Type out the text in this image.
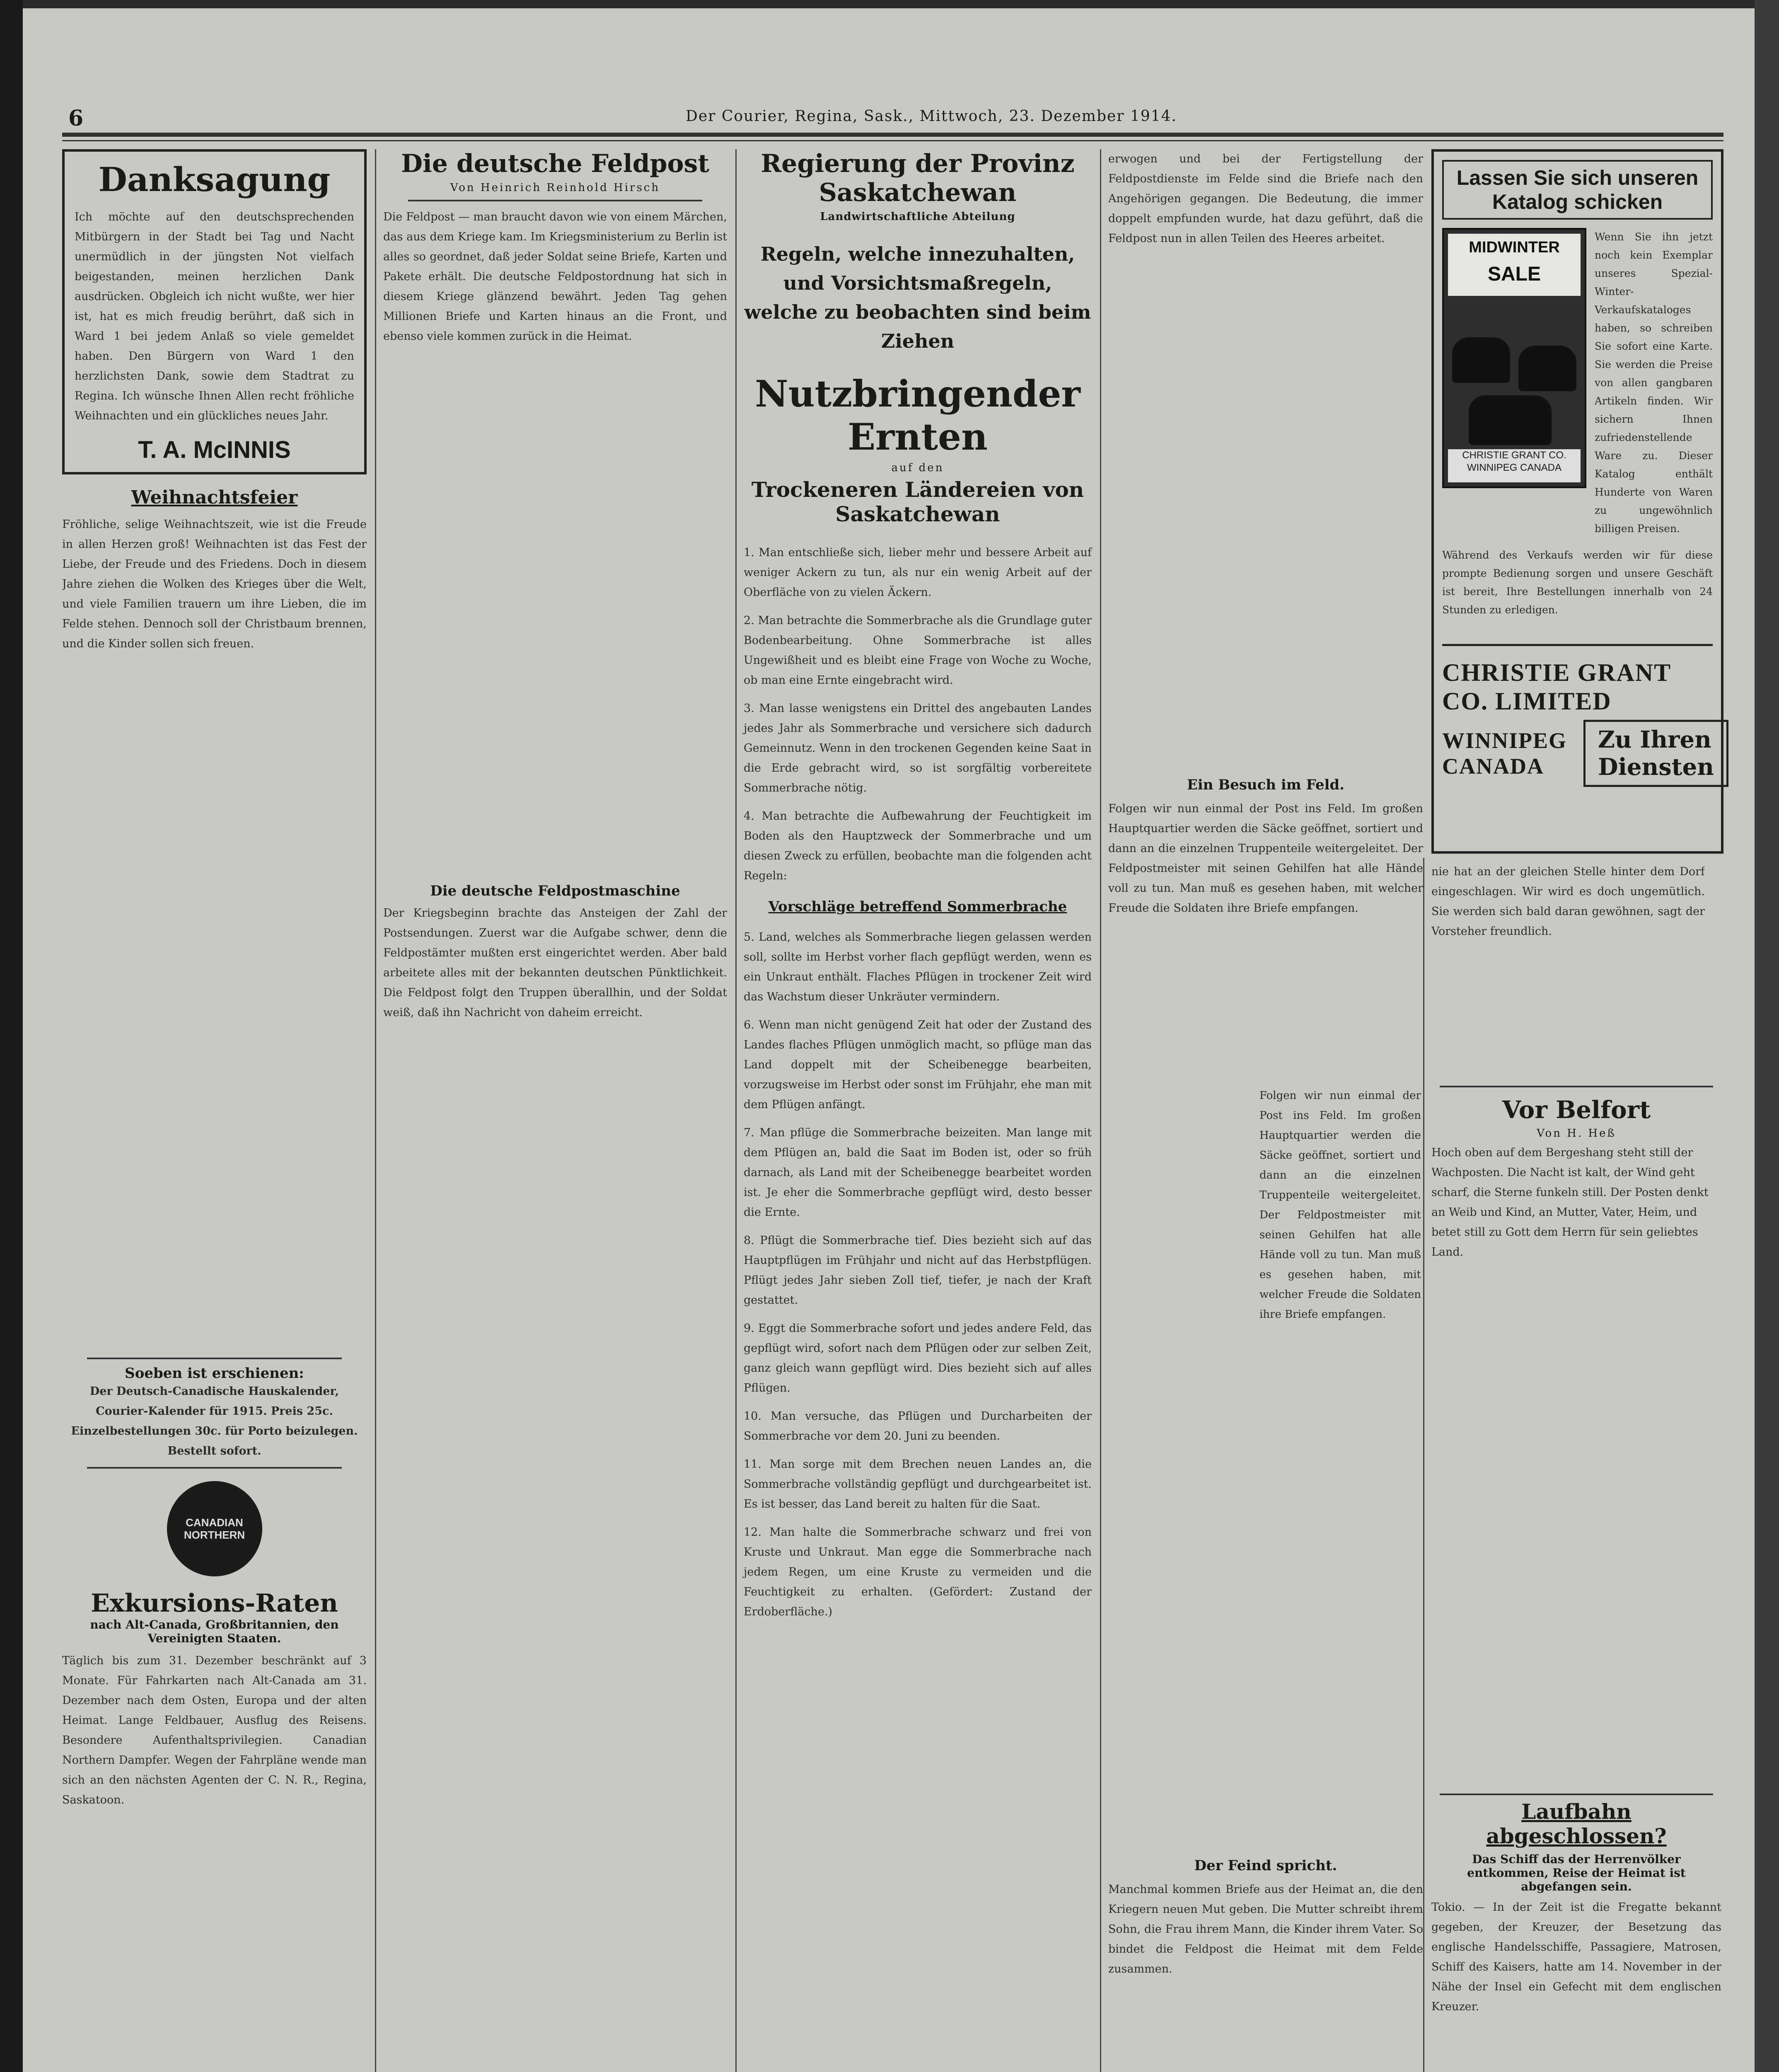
6	Der Courier, Regina, Sask., Mittwoch, 23. Dezember 1914.
Danksagung
Ich möchte auf den deutschsprechenden Mitbürgern in der Stadt bei Tag und Nacht unermüdlich in der jüngsten Not vielfach beigestanden, meinen herzlichen Dank ausdrücken. Obgleich ich nicht wußte, wer hier ist, hat es mich freudig berührt, daß sich in Ward 1 bei jedem Anlaß so viele gemeldet haben. Den Bürgern von Ward 1 den herzlichsten Dank, sowie dem Stadtrat zu Regina. Ich wünsche Ihnen Allen recht fröhliche Weihnachten und ein glückliches neues Jahr.
T. A. McINNIS
Weihnachtsfeier
Fröhliche, selige Weihnachtszeit, wie ist die Freude in allen Herzen groß! Weihnachten ist das Fest der Liebe, der Freude und des Friedens. Doch in diesem Jahre ziehen die Wolken des Krieges über die Welt, und viele Familien trauern um ihre Lieben, die im Felde stehen. Dennoch soll der Christbaum brennen, und die Kinder sollen sich freuen.
Soeben ist erschienen:
Der Deutsch-Canadische Hauskalender, Courier-Kalender für 1915. Preis 25c. Einzelbestellungen 30c. für Porto beizulegen. Bestellt sofort.
CANADIAN NORTHERN
Exkursions-Raten
nach Alt-Canada, Großbritannien, den Vereinigten Staaten.
Täglich bis zum 31. Dezember beschränkt auf 3 Monate. Für Fahrkarten nach Alt-Canada am 31. Dezember nach dem Osten, Europa und der alten Heimat. Lange Feldbauer, Ausflug des Reisens. Besondere Aufenthaltsprivilegien. Canadian Northern Dampfer. Wegen der Fahrpläne wende man sich an den nächsten Agenten der C. N. R., Regina, Saskatoon.
Die deutsche Feldpost
Von Heinrich Reinhold Hirsch
Die Feldpost — man braucht davon wie von einem Märchen, das aus dem Kriege kam. Im Kriegsministerium zu Berlin ist alles so geordnet, daß jeder Soldat seine Briefe, Karten und Pakete erhält. Die deutsche Feldpostordnung hat sich in diesem Kriege glänzend bewährt. Jeden Tag gehen Millionen Briefe und Karten hinaus an die Front, und ebenso viele kommen zurück in die Heimat.
Die deutsche Feldpostmaschine
Der Kriegsbeginn brachte das Ansteigen der Zahl der Postsendungen. Zuerst war die Aufgabe schwer, denn die Feldpostämter mußten erst eingerichtet werden. Aber bald arbeitete alles mit der bekannten deutschen Pünktlichkeit. Die Feldpost folgt den Truppen überallhin, und der Soldat weiß, daß ihn Nachricht von daheim erreicht.
Regierung der Provinz Saskatchewan
Landwirtschaftliche Abteilung
Regeln, welche innezuhalten, und Vorsichtsmaßregeln, welche zu beobachten sind beim Ziehen
Nutzbringender Ernten
auf den
Trockeneren Ländereien von Saskatchewan
1. Man entschließe sich, lieber mehr und bessere Arbeit auf weniger Ackern zu tun, als nur ein wenig Arbeit auf der Oberfläche von zu vielen Äckern.
2. Man betrachte die Sommerbrache als die Grundlage guter Bodenbearbeitung. Ohne Sommerbrache ist alles Ungewißheit und es bleibt eine Frage von Woche zu Woche, ob man eine Ernte eingebracht wird.
3. Man lasse wenigstens ein Drittel des angebauten Landes jedes Jahr als Sommerbrache und versichere sich dadurch Gemeinnutz. Wenn in den trockenen Gegenden keine Saat in die Erde gebracht wird, so ist sorgfältig vorbereitete Sommerbrache nötig.
4. Man betrachte die Aufbewahrung der Feuchtigkeit im Boden als den Hauptzweck der Sommerbrache und um diesen Zweck zu erfüllen, beobachte man die folgenden acht Regeln:
Vorschläge betreffend Sommerbrache
5. Land, welches als Sommerbrache liegen gelassen werden soll, sollte im Herbst vorher flach gepflügt werden, wenn es ein Unkraut enthält. Flaches Pflügen in trockener Zeit wird das Wachstum dieser Unkräuter vermindern.
6. Wenn man nicht genügend Zeit hat oder der Zustand des Landes flaches Pflügen unmöglich macht, so pflüge man das Land doppelt mit der Scheibenegge bearbeiten, vorzugsweise im Herbst oder sonst im Frühjahr, ehe man mit dem Pflügen anfängt.
7. Man pflüge die Sommerbrache beizeiten. Man lange mit dem Pflügen an, bald die Saat im Boden ist, oder so früh darnach, als Land mit der Scheibenegge bearbeitet worden ist. Je eher die Sommerbrache gepflügt wird, desto besser die Ernte.
8. Pflügt die Sommerbrache tief. Dies bezieht sich auf das Hauptpflügen im Frühjahr und nicht auf das Herbstpflügen. Pflügt jedes Jahr sieben Zoll tief, tiefer, je nach der Kraft gestattet.
9. Eggt die Sommerbrache sofort und jedes andere Feld, das gepflügt wird, sofort nach dem Pflügen oder zur selben Zeit, ganz gleich wann gepflügt wird. Dies bezieht sich auf alles Pflügen.
10. Man versuche, das Pflügen und Durcharbeiten der Sommerbrache vor dem 20. Juni zu beenden.
11. Man sorge mit dem Brechen neuen Landes an, die Sommerbrache vollständig gepflügt und durchgearbeitet ist. Es ist besser, das Land bereit zu halten für die Saat.
12. Man halte die Sommerbrache schwarz und frei von Kruste und Unkraut. Man egge die Sommerbrache nach jedem Regen, um eine Kruste zu vermeiden und die Feuchtigkeit zu erhalten. (Gefördert: Zustand der Erdoberfläche.)
erwogen und bei der Fertigstellung der Feldpostdienste im Felde sind die Briefe nach den Angehörigen gegangen. Die Bedeutung, die immer doppelt empfunden wurde, hat dazu geführt, daß die Feldpost nun in allen Teilen des Heeres arbeitet.
Ein Besuch im Feld.
Folgen wir nun einmal der Post ins Feld. Im großen Hauptquartier werden die Säcke geöffnet, sortiert und dann an die einzelnen Truppenteile weitergeleitet. Der Feldpostmeister mit seinen Gehilfen hat alle Hände voll zu tun. Man muß es gesehen haben, mit welcher Freude die Soldaten ihre Briefe empfangen.
Der Feind spricht.
Manchmal kommen Briefe aus der Heimat an, die den Kriegern neuen Mut geben. Die Mutter schreibt ihrem Sohn, die Frau ihrem Mann, die Kinder ihrem Vater. So bindet die Feldpost die Heimat mit dem Felde zusammen.
Lassen Sie sich unseren Katalog schicken
MIDWINTER
SALE
CHRISTIE GRANT CO. WINNIPEG CANADA
Wenn Sie ihn jetzt noch kein Exemplar unseres Spezial-Winter-Verkaufskataloges haben, so schreiben Sie sofort eine Karte. Sie werden die Preise von allen gangbaren Artikeln finden. Wir sichern Ihnen zufriedenstellende Ware zu. Dieser Katalog enthält Hunderte von Waren zu ungewöhnlich billigen Preisen.
Während des Verkaufs werden wir für diese prompte Bedienung sorgen und unsere Geschäft ist bereit, Ihre Bestellungen innerhalb von 24 Stunden zu erledigen.
CHRISTIE GRANT CO. LIMITED
WINNIPEG
CANADA
Zu Ihren Diensten
nie hat an der gleichen Stelle hinter dem Dorf eingeschlagen. Wir wird es doch ungemütlich. Sie werden sich bald daran gewöhnen, sagt der Vorsteher freundlich.
Vor Belfort
Von H. Heß
Hoch oben auf dem Bergeshang steht still der Wachposten. Die Nacht ist kalt, der Wind geht scharf, die Sterne funkeln still. Der Posten denkt an Weib und Kind, an Mutter, Vater, Heim, und betet still zu Gott dem Herrn für sein geliebtes Land.
Laufbahn abgeschlossen?
Das Schiff das der Herrenvölker entkommen, Reise der Heimat ist abgefangen sein.
Tokio. — In der Zeit ist die Fregatte bekannt gegeben, der Kreuzer, der Besetzung das englische Handelsschiffe, Passagiere, Matrosen, Schiff des Kaisers, hatte am 14. November in der Nähe der Insel ein Gefecht mit dem englischen Kreuzer.
Folgen wir nun einmal der Post ins Feld. Im großen Hauptquartier werden die Säcke geöffnet, sortiert und dann an die einzelnen Truppenteile weitergeleitet. Der Feldpostmeister mit seinen Gehilfen hat alle Hände voll zu tun. Man muß es gesehen haben, mit welcher Freude die Soldaten ihre Briefe empfangen.
